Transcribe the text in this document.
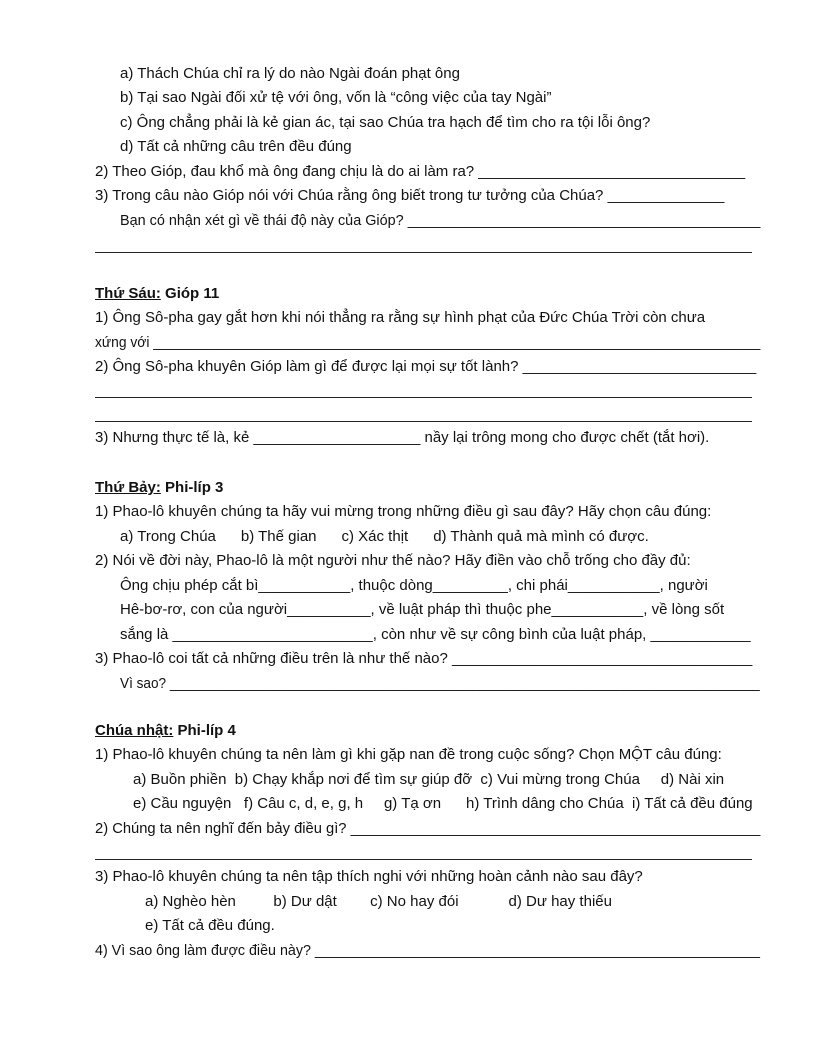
a) Thách Chúa chỉ ra lý do nào Ngài đoán phạt ông
b) Tại sao Ngài đối xử tệ với ông, vốn là “công việc của tay Ngài”
c) Ông chẳng phải là kẻ gian ác, tại sao Chúa tra hạch để tìm cho ra tội lỗi ông?
d) Tất cả những câu trên đều đúng
2) Theo Gióp, đau khổ mà ông đang chịu là do ai làm ra? ________________________________
3) Trong câu nào Gióp nói với Chúa rằng ông biết trong tư tưởng của Chúa? ______________
Bạn có nhận xét gì về thái độ này của Gióp? ____________________________________________
Thứ Sáu: Gióp 11
1) Ông Sô-pha gay gắt hơn khi nói thẳng ra rằng sự hình phạt của Đức Chúa Trời còn chưa
xứng với _______________________________________________________________________________
2) Ông Sô-pha khuyên Gióp làm gì để được lại mọi sự tốt lành? ____________________________
3) Nhưng thực tế là, kẻ ____________________ nầy lại trông mong cho được chết (tắt hơi).
Thứ Bảy: Phi-líp 3
1) Phao-lô khuyên chúng ta hãy vui mừng trong những điều gì sau đây? Hãy chọn câu đúng:
a) Trong Chúa      b) Thế gian      c) Xác thịt      d) Thành quả mà mình có được.
2) Nói về đời này, Phao-lô là một người như thế nào? Hãy điền vào chỗ trống cho đầy đủ:
Ông chịu phép cắt bì___________, thuộc dòng_________, chi phái___________, người
Hê-bơ-rơ, con của người__________, về luật pháp thì thuộc phe___________, về lòng sốt
sắng là ________________________, còn như về sự công bình của luật pháp, ____________
3) Phao-lô coi tất cả những điều trên là như thế nào? ____________________________________
Vì sao? ______________________________________________________________________________
Chúa nhật: Phi-líp 4
1) Phao-lô khuyên chúng ta nên làm gì khi gặp nan đề trong cuộc sống? Chọn MỘT câu đúng:
a) Buồn phiền  b) Chạy khắp nơi để tìm sự giúp đỡ  c) Vui mừng trong Chúa     d) Nài xin
e) Cầu nguyện   f) Câu c, d, e, g, h     g) Tạ ơn      h) Trình dâng cho Chúa  i) Tất cả đều đúng
2) Chúng ta nên nghĩ đến bảy điều gì? __________________________________________________
3) Phao-lô khuyên chúng ta nên tập thích nghi với những hoàn cảnh nào sau đây?
a) Nghèo hèn         b) Dư dật        c) No hay đói            d) Dư hay thiếu
e) Tất cả đều đúng.
4) Vì sao ông làm được điều này? ________________________________________________________
